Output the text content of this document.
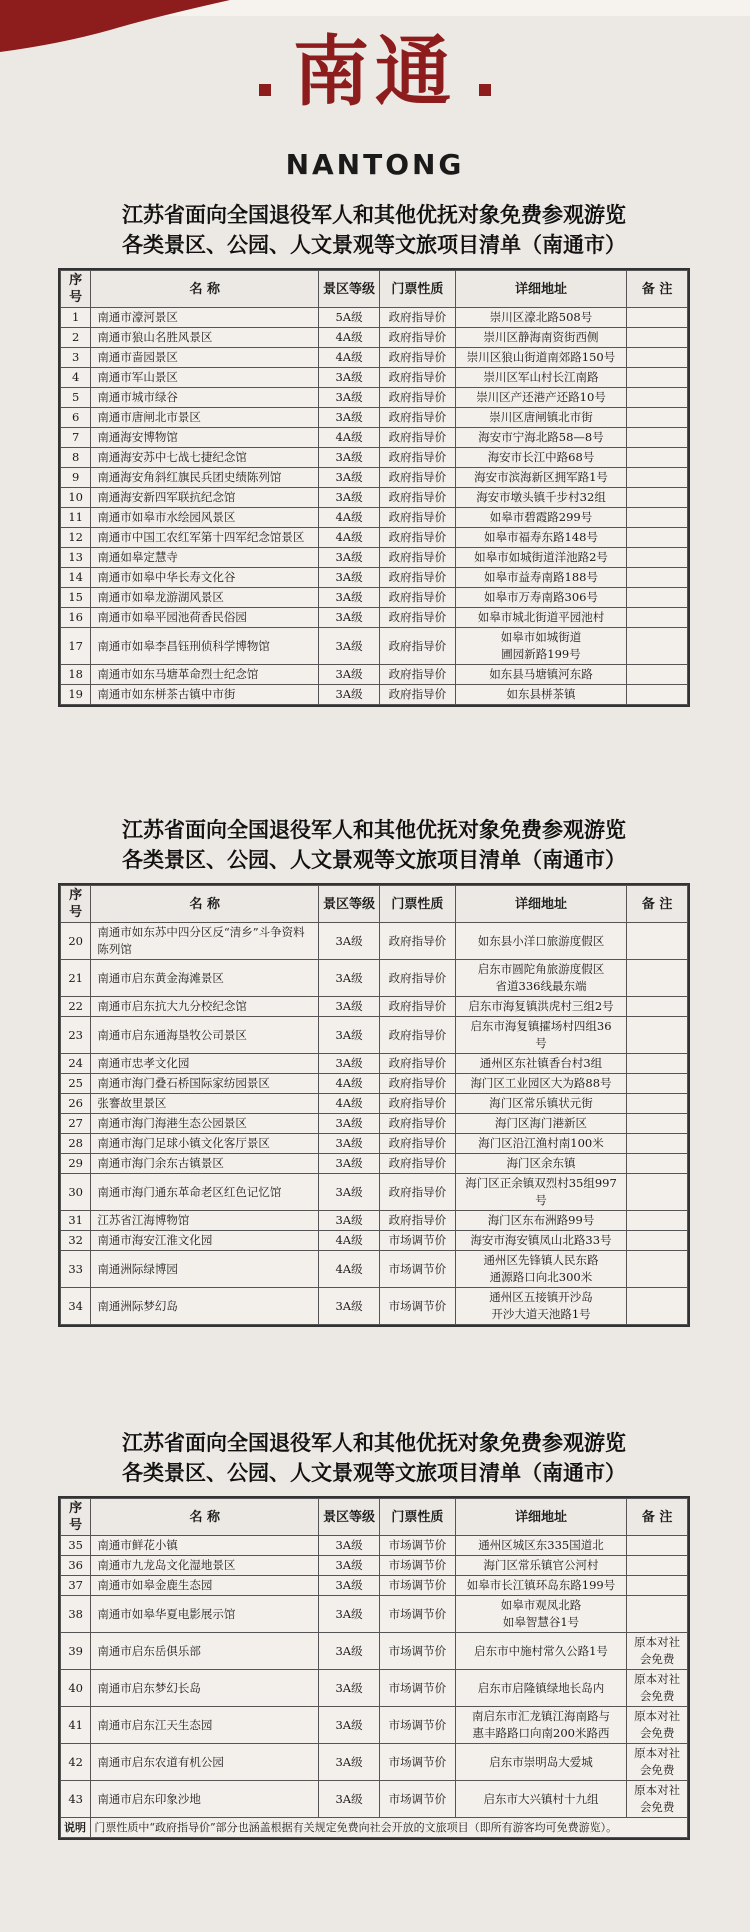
南通
NANTONG
江苏省面向全国退役军人和其他优抚对象免费参观游览
各类景区、公园、人文景观等文旅项目清单（南通市）
序号	名 称	景区等级	门票性质	详细地址	备 注
1	南通市濠河景区	5A级	政府指导价	崇川区濠北路508号	
2	南通市狼山名胜风景区	4A级	政府指导价	崇川区静海南资街西侧	
3	南通市啬园景区	4A级	政府指导价	崇川区狼山街道南郊路150号	
4	南通市军山景区	3A级	政府指导价	崇川区军山村长江南路	
5	南通市城市绿谷	3A级	政府指导价	崇川区产还港产还路10号	
6	南通市唐闸北市景区	3A级	政府指导价	崇川区唐闸镇北市街	
7	南通海安博物馆	4A级	政府指导价	海安市宁海北路58—8号	
8	南通海安苏中七战七捷纪念馆	3A级	政府指导价	海安市长江中路68号	
9	南通海安角斜红旗民兵团史绩陈列馆	3A级	政府指导价	海安市滨海新区拥军路1号	
10	南通海安新四军联抗纪念馆	3A级	政府指导价	海安市墩头镇千步村32组	
11	南通市如皋市水绘园风景区	4A级	政府指导价	如皋市碧霞路299号	
12	南通市中国工农红军第十四军纪念馆景区	4A级	政府指导价	如皋市福寿东路148号	
13	南通如皋定慧寺	3A级	政府指导价	如皋市如城街道洋池路2号	
14	南通市如皋中华长寿文化谷	3A级	政府指导价	如皋市益寿南路188号	
15	南通市如皋龙游湖风景区	3A级	政府指导价	如皋市万寿南路306号	
16	南通市如皋平园池荷香民俗园	3A级	政府指导价	如皋市城北街道平园池村	
17	南通市如皋李昌钰刑侦科学博物馆	3A级	政府指导价	如皋市如城街道
圃园新路199号	
18	南通市如东马塘革命烈士纪念馆	3A级	政府指导价	如东县马塘镇河东路	
19	南通市如东栟茶古镇中市街	3A级	政府指导价	如东县栟茶镇	
江苏省面向全国退役军人和其他优抚对象免费参观游览
各类景区、公园、人文景观等文旅项目清单（南通市）
序号	名 称	景区等级	门票性质	详细地址	备 注
20	南通市如东苏中四分区反“清乡”斗争资料陈列馆	3A级	政府指导价	如东县小洋口旅游度假区	
21	南通市启东黄金海滩景区	3A级	政府指导价	启东市圆陀角旅游度假区
省道336线最东端	
22	南通市启东抗大九分校纪念馆	3A级	政府指导价	启东市海复镇洪虎村三组2号	
23	南通市启东通海垦牧公司景区	3A级	政府指导价	启东市海复镇攉场村四组36
号	
24	南通市忠孝文化园	3A级	政府指导价	通州区东社镇香台村3组	
25	南通市海门叠石桥国际家纺园景区	4A级	政府指导价	海门区工业园区大为路88号	
26	张謇故里景区	4A级	政府指导价	海门区常乐镇状元街	
27	南通市海门海港生态公园景区	3A级	政府指导价	海门区海门港新区	
28	南通市海门足球小镇文化客厅景区	3A级	政府指导价	海门区沿江渔村南100米	
29	南通市海门余东古镇景区	3A级	政府指导价	海门区余东镇	
30	南通市海门通东革命老区红色记忆馆	3A级	政府指导价	海门区正余镇双烈村35组997
号	
31	江苏省江海博物馆	3A级	政府指导价	海门区东布洲路99号	
32	南通市海安江淮文化园	4A级	市场调节价	海安市海安镇凤山北路33号	
33	南通洲际绿博园	4A级	市场调节价	通州区先锋镇人民东路
通源路口向北300米	
34	南通洲际梦幻岛	3A级	市场调节价	通州区五接镇开沙岛
开沙大道天池路1号	
江苏省面向全国退役军人和其他优抚对象免费参观游览
各类景区、公园、人文景观等文旅项目清单（南通市）
序号	名 称	景区等级	门票性质	详细地址	备 注
35	南通市鲜花小镇	3A级	市场调节价	通州区城区东335国道北	
36	南通市九龙岛文化湿地景区	3A级	市场调节价	海门区常乐镇官公河村	
37	南通市如皋金鹿生态园	3A级	市场调节价	如皋市长江镇环岛东路199号	
38	南通市如皋华夏电影展示馆	3A级	市场调节价	如皋市观凤北路
如皋智慧谷1号	
39	南通市启东岳俱乐部	3A级	市场调节价	启东市中施村常久公路1号	原本对社
会免费
40	南通市启东梦幻长岛	3A级	市场调节价	启东市启隆镇绿地长岛内	原本对社
会免费
41	南通市启东江天生态园	3A级	市场调节价	南启东市汇龙镇江海南路与
惠丰路路口向南200米路西	原本对社
会免费
42	南通市启东农道有机公园	3A级	市场调节价	启东市崇明岛大爱城	原本对社
会免费
43	南通市启东印象沙地	3A级	市场调节价	启东市大兴镇村十九组	原本对社
会免费
说明	门票性质中“政府指导价”部分也涵盖根据有关规定免费向社会开放的文旅项目（即所有游客均可免费游览）。				
